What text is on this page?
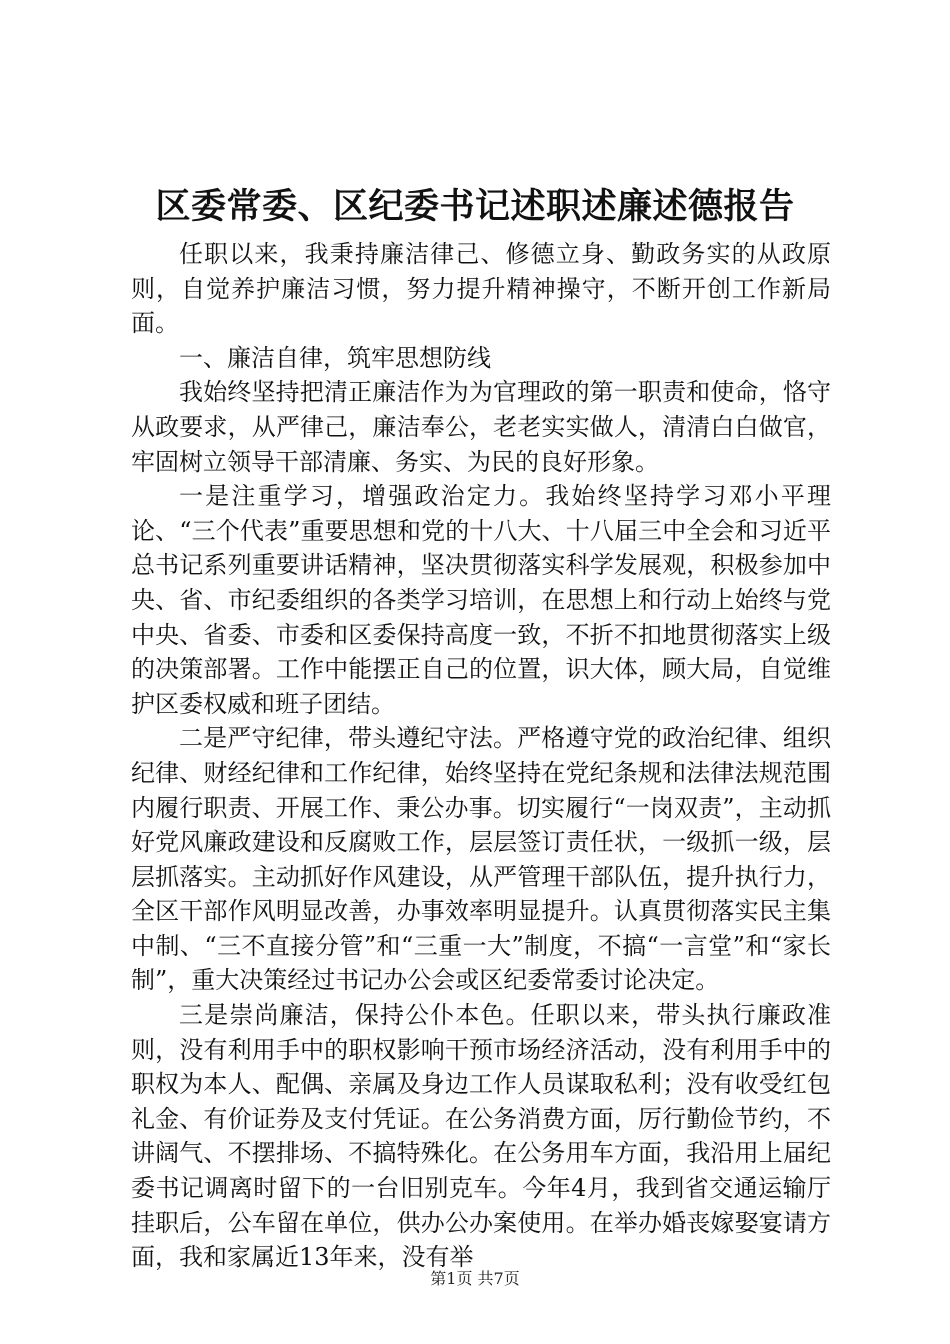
区委常委、区纪委书记述职述廉述德报告

任职以来，我秉持廉洁律己、修德立身、勤政务实的从政原则，自觉养护廉洁习惯，努力提升精神操守，不断开创工作新局面。

一、廉洁自律，筑牢思想防线

我始终坚持把清正廉洁作为为官理政的第一职责和使命，恪守从政要求，从严律己，廉洁奉公，老老实实做人，清清白白做官，牢固树立领导干部清廉、务实、为民的良好形象。

一是注重学习，增强政治定力。我始终坚持学习邓小平理论、“三个代表”重要思想和党的十八大、十八届三中全会和习近平总书记系列重要讲话精神，坚决贯彻落实科学发展观，积极参加中央、省、市纪委组织的各类学习培训，在思想上和行动上始终与党中央、省委、市委和区委保持高度一致，不折不扣地贯彻落实上级的决策部署。工作中能摆正自己的位置，识大体，顾大局，自觉维护区委权威和班子团结。

二是严守纪律，带头遵纪守法。严格遵守党的政治纪律、组织纪律、财经纪律和工作纪律，始终坚持在党纪条规和法律法规范围内履行职责、开展工作、秉公办事。切实履行“一岗双责”，主动抓好党风廉政建设和反腐败工作，层层签订责任状，一级抓一级，层层抓落实。主动抓好作风建设，从严管理干部队伍，提升执行力，全区干部作风明显改善，办事效率明显提升。认真贯彻落实民主集中制、“三不直接分管”和“三重一大”制度，不搞“一言堂”和“家长制”，重大决策经过书记办公会或区纪委常委讨论决定。

三是崇尚廉洁，保持公仆本色。任职以来，带头执行廉政准则，没有利用手中的职权影响干预市场经济活动，没有利用手中的职权为本人、配偶、亲属及身边工作人员谋取私利；没有收受红包礼金、有价证券及支付凭证。在公务消费方面，厉行勤俭节约，不讲阔气、不摆排场、不搞特殊化。在公务用车方面，我沿用上届纪委书记调离时留下的一台旧别克车。今年4月，我到省交通运输厅挂职后，公车留在单位，供办公办案使用。在举办婚丧嫁娶宴请方面，我和家属近13年来，没有举

第1页 共7页
